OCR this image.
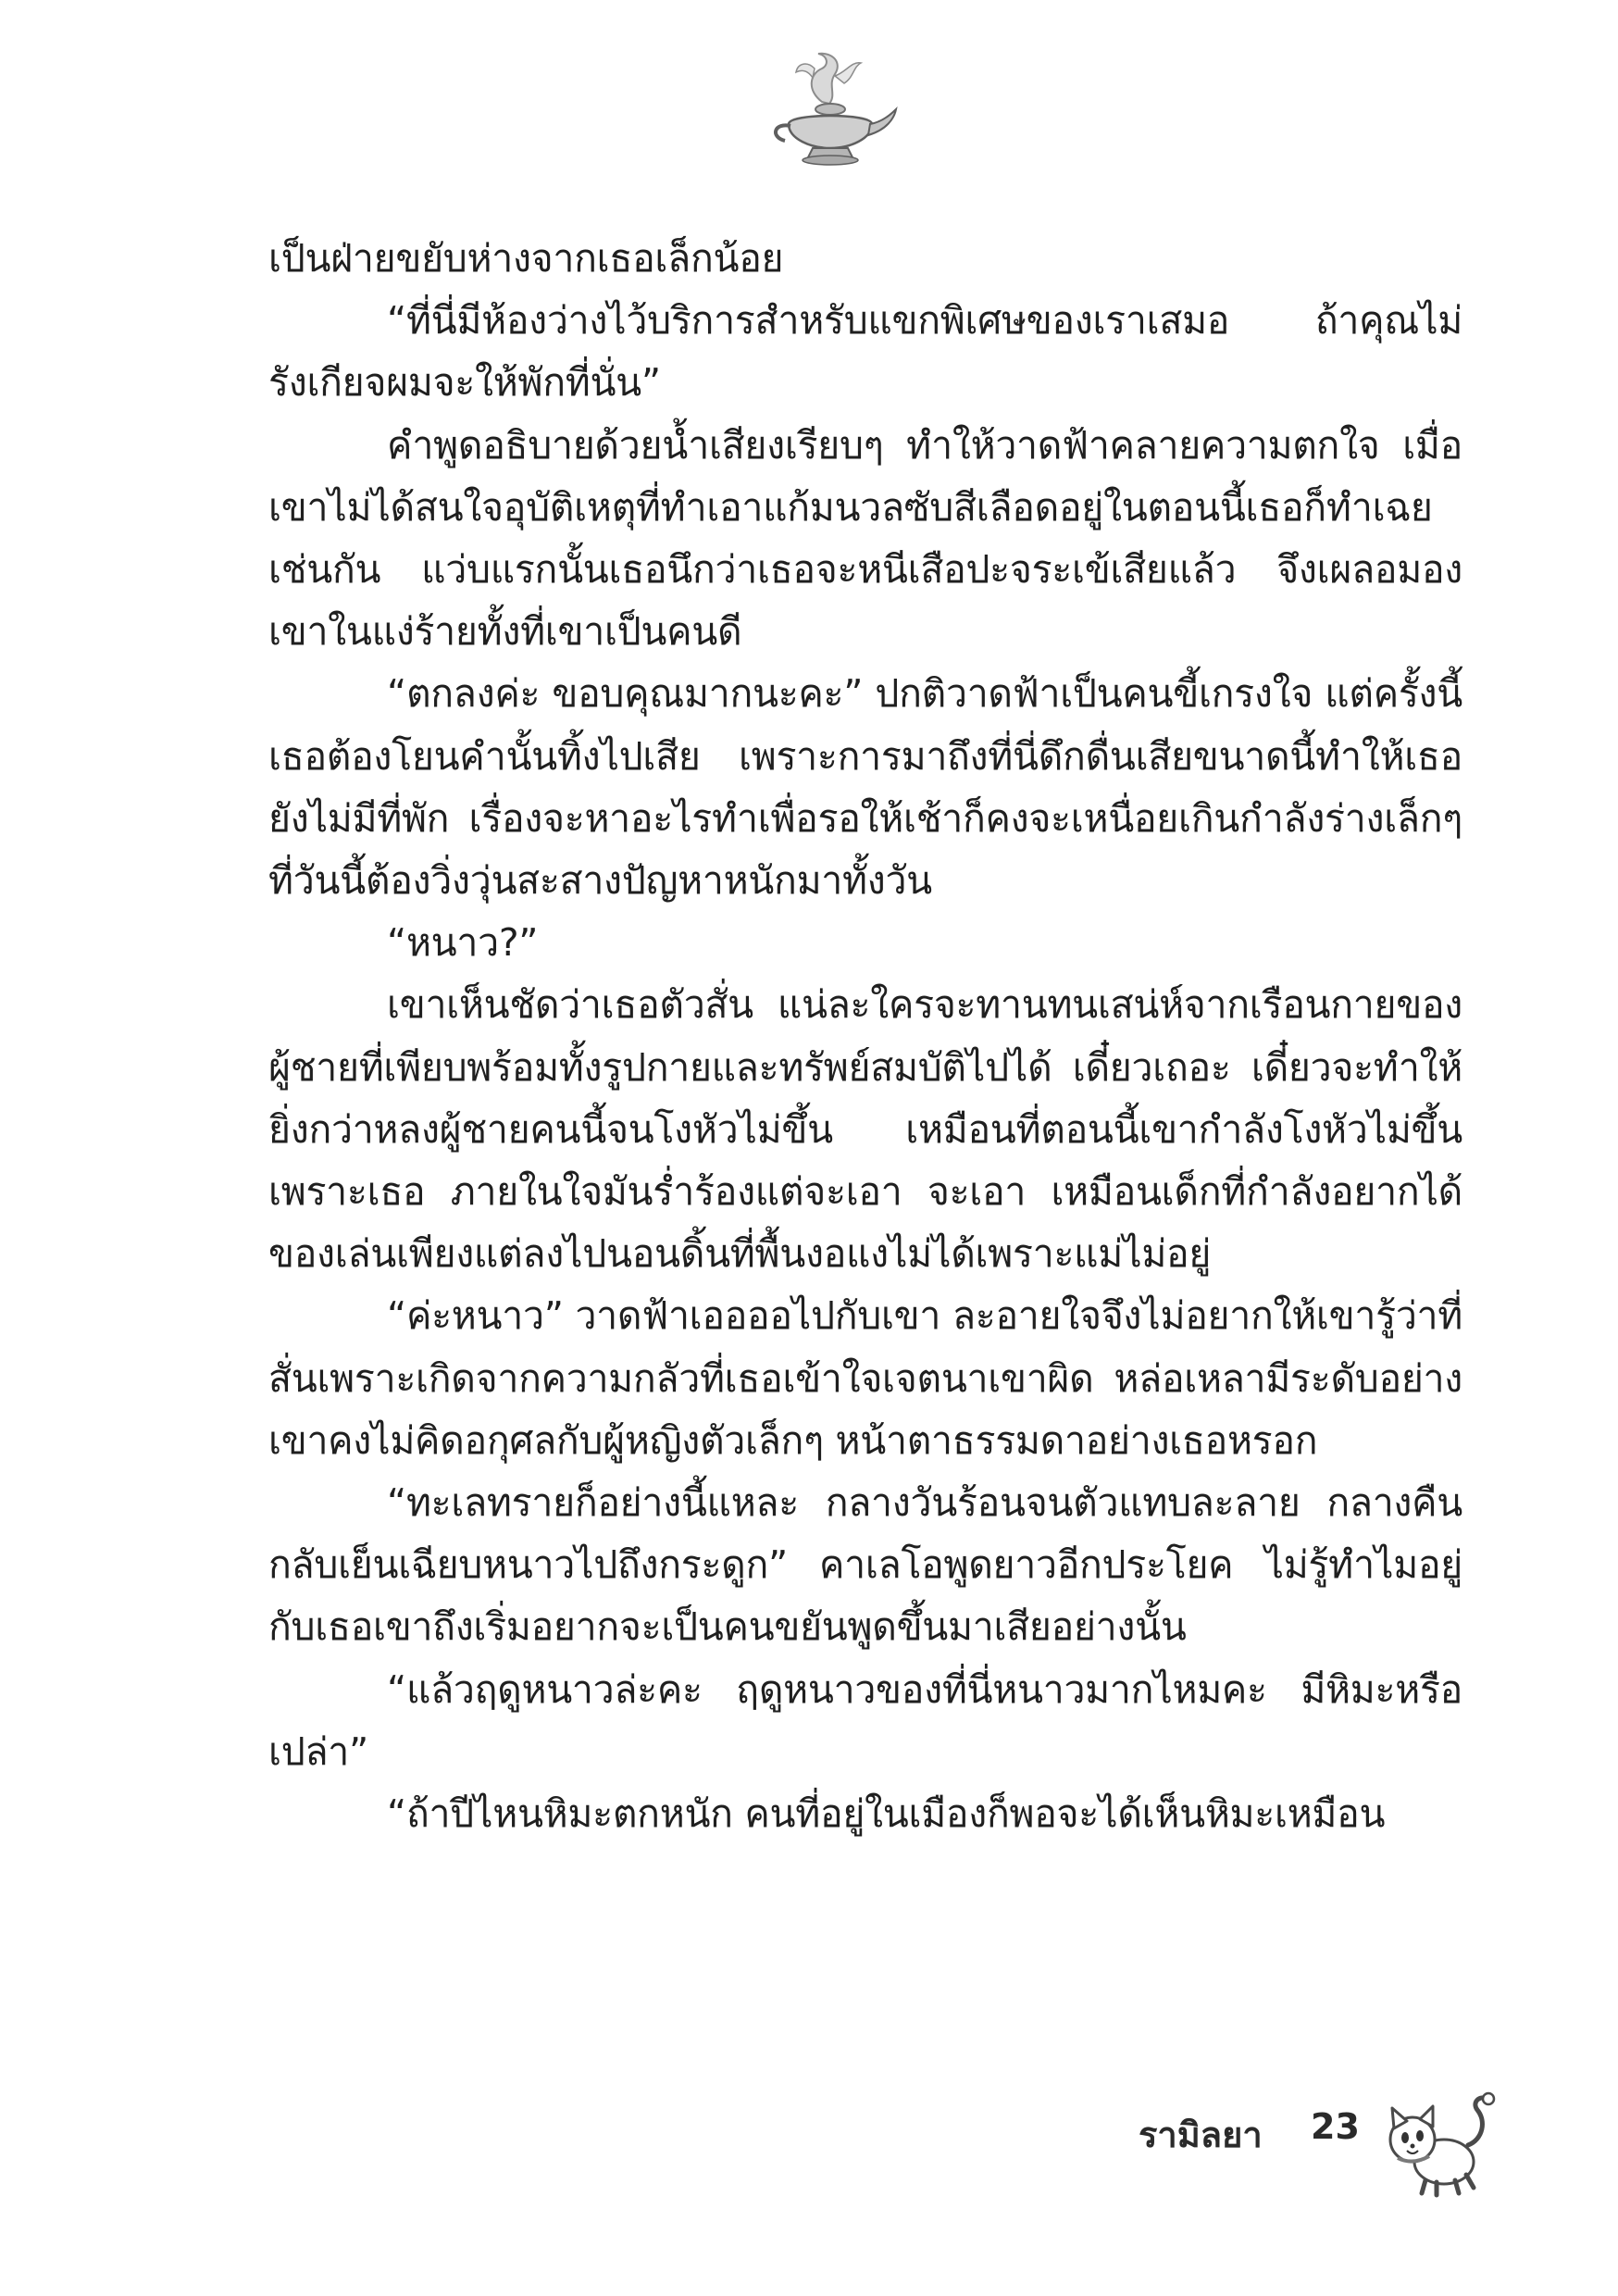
เป็นฝ่ายขยับห่างจากเธอเล็กน้อย

“ที่นี่มีห้องว่างไว้บริการสำหรับแขกพิเศษของเราเสมอ ถ้าคุณไม่รังเกียจผมจะให้พักที่นั่น”

คำพูดอธิบายด้วยน้ำเสียงเรียบๆ ทำให้วาดฟ้าคลายความตกใจ เมื่อเขาไม่ได้สนใจอุบัติเหตุที่ทำเอาแก้มนวลซับสีเลือดอยู่ในตอนนี้เธอก็ทำเฉยเช่นกัน แว่บแรกนั้นเธอนึกว่าเธอจะหนีเสือปะจระเข้เสียแล้ว จึงเผลอมองเขาในแง่ร้ายทั้งที่เขาเป็นคนดี

“ตกลงค่ะ ขอบคุณมากนะคะ” ปกติวาดฟ้าเป็นคนขี้เกรงใจ แต่ครั้งนี้เธอต้องโยนคำนั้นทิ้งไปเสีย เพราะการมาถึงที่นี่ดึกดื่นเสียขนาดนี้ทำให้เธอยังไม่มีที่พัก เรื่องจะหาอะไรทำเพื่อรอให้เช้าก็คงจะเหนื่อยเกินกำลังร่างเล็กๆ ที่วันนี้ต้องวิ่งวุ่นสะสางปัญหาหนักมาทั้งวัน

“หนาว?”

เขาเห็นชัดว่าเธอตัวสั่น แน่ละใครจะทานทนเสน่ห์จากเรือนกายของผู้ชายที่เพียบพร้อมทั้งรูปกายและทรัพย์สมบัติไปได้ เดี๋ยวเถอะ เดี๋ยวจะทำให้ยิ่งกว่าหลงผู้ชายคนนี้จนโงหัวไม่ขึ้น เหมือนที่ตอนนี้เขากำลังโงหัวไม่ขึ้นเพราะเธอ ภายในใจมันร่ำร้องแต่จะเอา จะเอา เหมือนเด็กที่กำลังอยากได้ของเล่นเพียงแต่ลงไปนอนดิ้นที่พื้นงอแงไม่ได้เพราะแม่ไม่อยู่

“ค่ะหนาว” วาดฟ้าเออออไปกับเขา ละอายใจจึงไม่อยากให้เขารู้ว่าที่สั่นเพราะเกิดจากความกลัวที่เธอเข้าใจเจตนาเขาผิด หล่อเหลามีระดับอย่างเขาคงไม่คิดอกุศลกับผู้หญิงตัวเล็กๆ หน้าตาธรรมดาอย่างเธอหรอก

“ทะเลทรายก็อย่างนี้แหละ กลางวันร้อนจนตัวแทบละลาย กลางคืนกลับเย็นเฉียบหนาวไปถึงกระดูก” คาเลโอพูดยาวอีกประโยค ไม่รู้ทำไมอยู่กับเธอเขาถึงเริ่มอยากจะเป็นคนขยันพูดขึ้นมาเสียอย่างนั้น

“แล้วฤดูหนาวล่ะคะ ฤดูหนาวของที่นี่หนาวมากไหมคะ มีหิมะหรือเปล่า”

“ถ้าปีไหนหิมะตกหนัก คนที่อยู่ในเมืองก็พอจะได้เห็นหิมะเหมือน

รามิลยา 23
